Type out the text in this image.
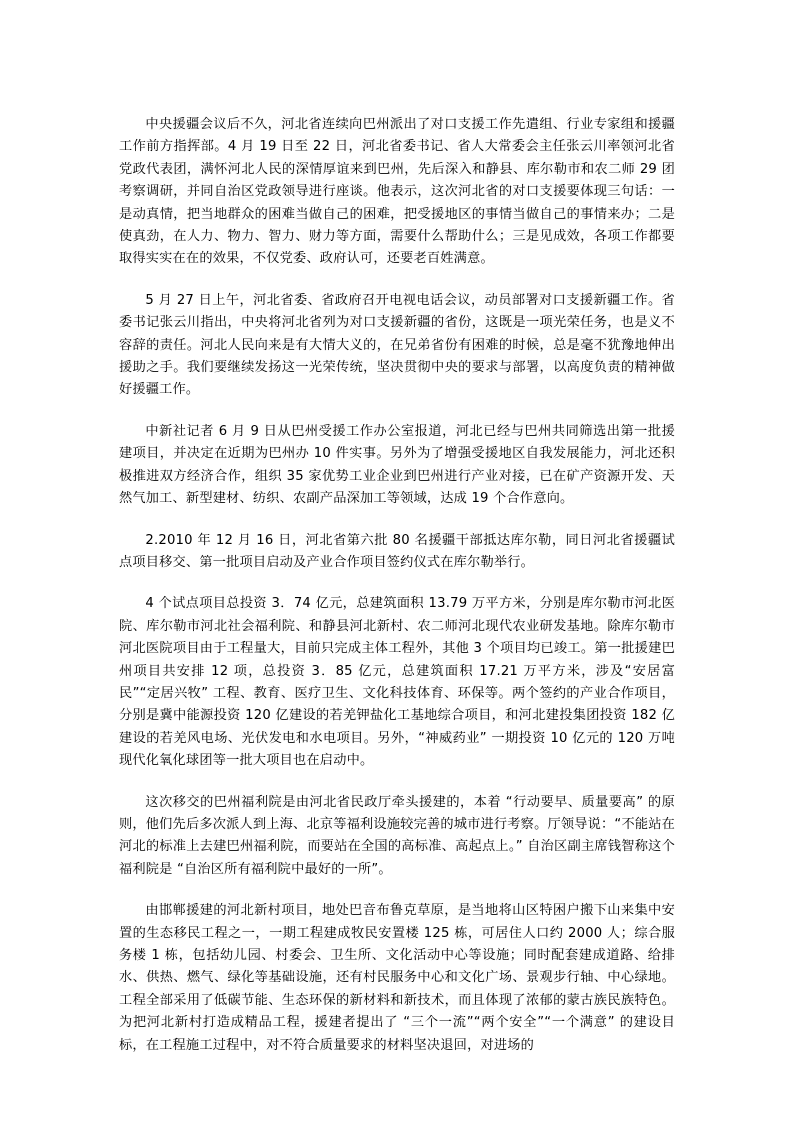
中央援疆会议后不久，河北省连续向巴州派出了对口支援工作先遣组、行业专家组和援疆工作前方指挥部。4 月 19 日至 22 日，河北省委书记、省人大常委会主任张云川率领河北省党政代表团，满怀河北人民的深情厚谊来到巴州，先后深入和静县、库尔勒市和农二师 29 团考察调研，并同自治区党政领导进行座谈。他表示，这次河北省的对口支援要体现三句话：一是动真情，把当地群众的困难当做自己的困难，把受援地区的事情当做自己的事情来办；二是使真劲，在人力、物力、智力、财力等方面，需要什么帮助什么；三是见成效，各项工作都要取得实实在在的效果，不仅党委、政府认可，还要老百姓满意。

5 月 27 日上午，河北省委、省政府召开电视电话会议，动员部署对口支援新疆工作。省委书记张云川指出，中央将河北省列为对口支援新疆的省份，这既是一项光荣任务，也是义不容辞的责任。河北人民向来是有大情大义的，在兄弟省份有困难的时候，总是毫不犹豫地伸出援助之手。我们要继续发扬这一光荣传统，坚决贯彻中央的要求与部署，以高度负责的精神做好援疆工作。

中新社记者 6 月 9 日从巴州受援工作办公室报道，河北已经与巴州共同筛选出第一批援建项目，并决定在近期为巴州办 10 件实事。另外为了增强受援地区自我发展能力，河北还积极推进双方经济合作，组织 35 家优势工业企业到巴州进行产业对接，已在矿产资源开发、天然气加工、新型建材、纺织、农副产品深加工等领域，达成 19 个合作意向。

2.2010 年 12 月 16 日，河北省第六批 80 名援疆干部抵达库尔勒，同日河北省援疆试点项目移交、第一批项目启动及产业合作项目签约仪式在库尔勒举行。

4 个试点项目总投资 3．74 亿元，总建筑面积 13.79 万平方米，分别是库尔勒市河北医院、库尔勒市河北社会福利院、和静县河北新村、农二师河北现代农业研发基地。除库尔勒市河北医院项目由于工程量大，目前只完成主体工程外，其他 3 个项目均已竣工。第一批援建巴州项目共安排 12 项，总投资 3．85 亿元，总建筑面积 17.21 万平方米，涉及“安居富民”“定居兴牧” 工程、教育、医疗卫生、文化科技体育、环保等。两个签约的产业合作项目，分别是冀中能源投资 120 亿建设的若羌钾盐化工基地综合项目，和河北建投集团投资 182 亿建设的若羌风电场、光伏发电和水电项目。另外，“神威药业” 一期投资 10 亿元的 120 万吨现代化氧化球团等一批大项目也在启动中。

这次移交的巴州福利院是由河北省民政厅牵头援建的，本着 “行动要早、质量要高” 的原则，他们先后多次派人到上海、北京等福利设施较完善的城市进行考察。厅领导说：“不能站在河北的标准上去建巴州福利院，而要站在全国的高标准、高起点上。” 自治区副主席钱智称这个福利院是 “自治区所有福利院中最好的一所”。

由邯郸援建的河北新村项目，地处巴音布鲁克草原，是当地将山区特困户搬下山来集中安置的生态移民工程之一，一期工程建成牧民安置楼 125 栋，可居住人口约 2000 人；综合服务楼 1 栋，包括幼儿园、村委会、卫生所、文化活动中心等设施；同时配套建成道路、给排水、供热、燃气、绿化等基础设施，还有村民服务中心和文化广场、景观步行轴、中心绿地。工程全部采用了低碳节能、生态环保的新材料和新技术，而且体现了浓郁的蒙古族民族特色。为把河北新村打造成精品工程，援建者提出了 “三个一流”“两个安全”“一个满意” 的建设目标，在工程施工过程中，对不符合质量要求的材料坚决退回，对进场的
